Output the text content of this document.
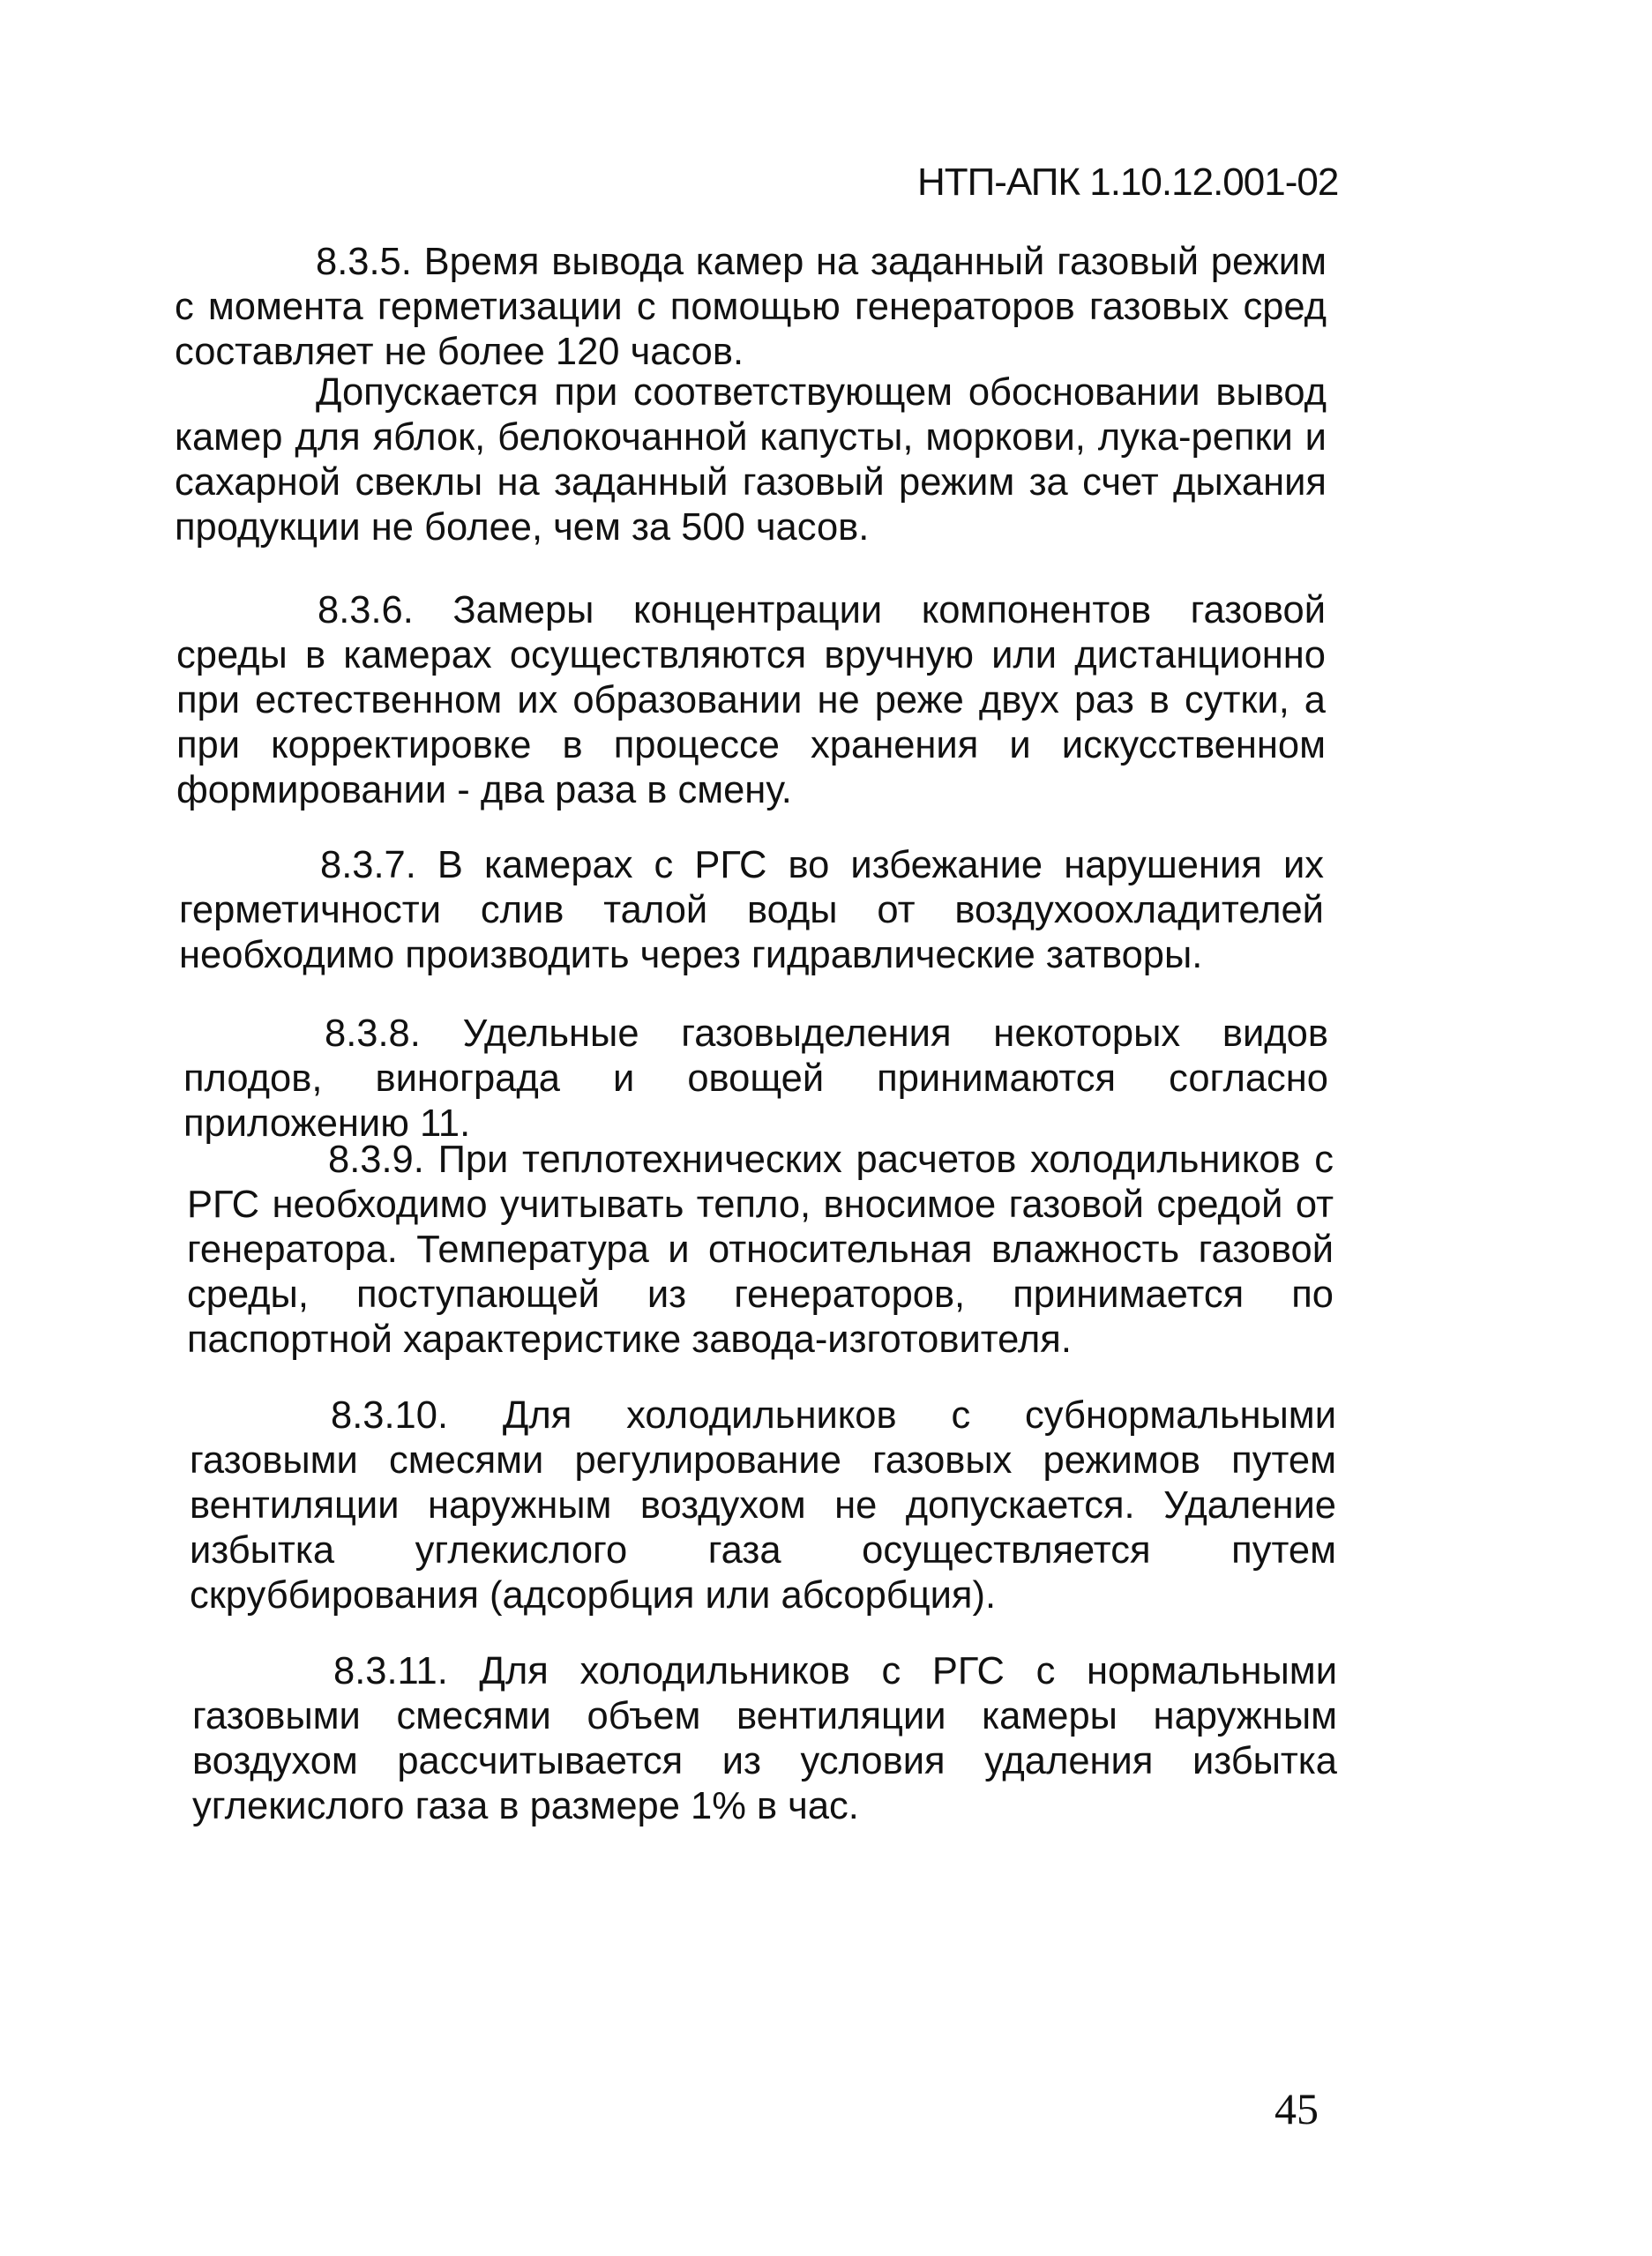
НТП-АПК 1.10.12.001-02

8.3.5. Время вывода камер на заданный газовый режим с момента герметизации с помощью генераторов газовых сред составляет не более 120 часов.

Допускается при соответствующем обосновании вывод камер для яблок, белокочанной капусты, моркови, лука-репки и сахарной свеклы на заданный газовый режим за счет дыхания продукции не более, чем за 500 часов.

8.3.6. Замеры концентрации компонентов газовой среды в камерах осуществляются вручную или дистанционно при естественном их образовании не реже двух раз в сутки, а при корректировке в процессе хранения и искусственном формировании - два раза в смену.

8.3.7. В камерах с РГС во избежание нарушения их герметичности слив талой воды от воздухоохладителей необходимо производить через гидравлические затворы.

8.3.8. Удельные газовыделения некоторых видов плодов, винограда и овощей принимаются согласно приложению 11.

8.3.9. При теплотехнических расчетов холодильников с РГС необходимо учитывать тепло, вносимое газовой средой от генератора. Температура и относительная влажность газовой среды, поступающей из генераторов, принимается по паспортной характеристике завода-изготовителя.

8.3.10. Для холодильников с субнормальными газовыми смесями регулирование газовых режимов путем вентиляции наружным воздухом не допускается. Удаление избытка углекислого газа осуществляется путем скруббирования (адсорбция или абсорбция).

8.3.11. Для холодильников с РГС с нормальными газовыми смесями объем вентиляции камеры наружным воздухом рассчитывается из условия удаления избытка углекислого газа в размере 1% в час.

45
